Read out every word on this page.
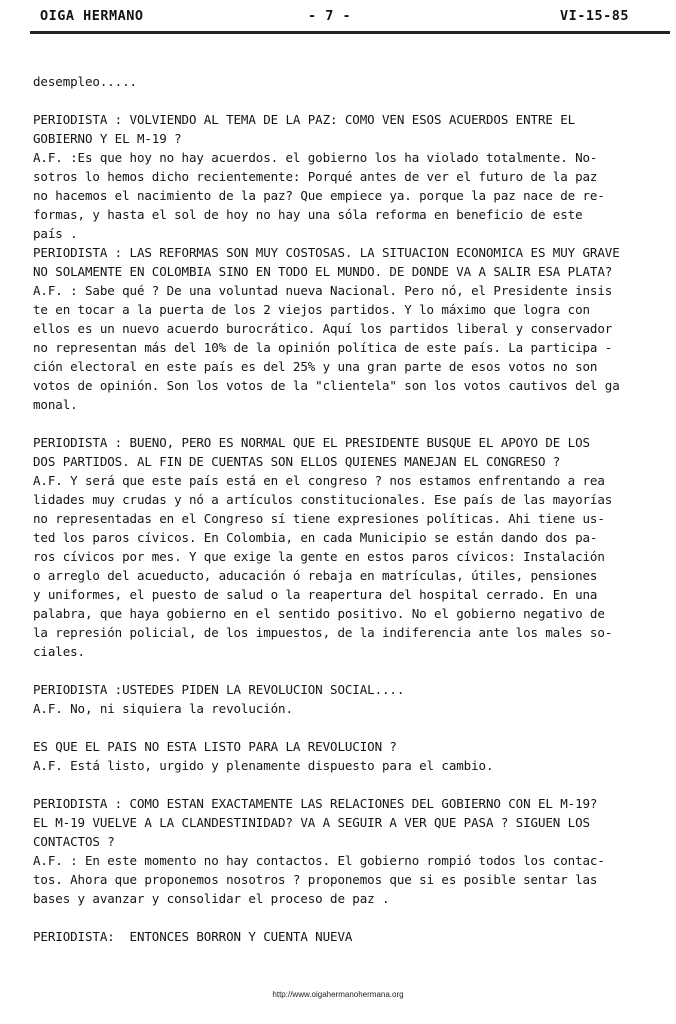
OIGA HERMANO	- 7 -	VI-15-85
desempleo.....
PERIODISTA : VOLVIENDO AL TEMA DE LA PAZ: COMO VEN ESOS ACUERDOS ENTRE EL
GOBIERNO Y EL M-19 ?
A.F. :Es que hoy no hay acuerdos. el gobierno los ha violado totalmente. No-
sotros lo hemos dicho recientemente: Porqué antes de ver el futuro de la paz
no hacemos el nacimiento de la paz? Que empiece ya. porque la paz nace de re-
formas, y hasta el sol de hoy no hay una sóla reforma en beneficio de este
país .
PERIODISTA : LAS REFORMAS SON MUY COSTOSAS. LA SITUACION ECONOMICA ES MUY GRAVE
NO SOLAMENTE EN COLOMBIA SINO EN TODO EL MUNDO. DE DONDE VA A SALIR ESA PLATA?
A.F. : Sabe qué ? De una voluntad nueva Nacional. Pero nó, el Presidente insis
te en tocar a la puerta de los 2 viejos partidos. Y lo máximo que logra con
ellos es un nuevo acuerdo burocrático. Aquí los partidos liberal y conservador
no representan más del 10% de la opinión política de este país. La participa -
ción electoral en este país es del 25% y una gran parte de esos votos no son
votos de opinión. Son los votos de la "clientela" son los votos cautivos del ga
monal.
PERIODISTA : BUENO, PERO ES NORMAL QUE EL PRESIDENTE BUSQUE EL APOYO DE LOS
DOS PARTIDOS. AL FIN DE CUENTAS SON ELLOS QUIENES MANEJAN EL CONGRESO ?
A.F. Y será que este país está en el congreso ? nos estamos enfrentando a rea
lidades muy crudas y nó a artículos constitucionales. Ese país de las mayorías
no representadas en el Congreso sí tiene expresiones políticas. Ahi tiene us-
ted los paros cívicos. En Colombia, en cada Municipio se están dando dos pa-
ros cívicos por mes. Y que exige la gente en estos paros cívicos: Instalación
o arreglo del acueducto, aducación ó rebaja en matrículas, útiles, pensiones
y uniformes, el puesto de salud o la reapertura del hospital cerrado. En una
palabra, que haya gobierno en el sentido positivo. No el gobierno negativo de
la represión policial, de los impuestos, de la indiferencia ante los males so-
ciales.
PERIODISTA :USTEDES PIDEN LA REVOLUCION SOCIAL....
A.F. No, ni siquiera la revolución.
ES QUE EL PAIS NO ESTA LISTO PARA LA REVOLUCION ?
A.F. Está listo, urgido y plenamente dispuesto para el cambio.
PERIODISTA : COMO ESTAN EXACTAMENTE LAS RELACIONES DEL GOBIERNO CON EL M-19?
EL M-19 VUELVE A LA CLANDESTINIDAD? VA A SEGUIR A VER QUE PASA ? SIGUEN LOS
CONTACTOS ?
A.F. : En este momento no hay contactos. El gobierno rompió todos los contac-
tos. Ahora que proponemos nosotros ? proponemos que si es posible sentar las
bases y avanzar y consolidar el proceso de paz .
PERIODISTA:  ENTONCES BORRON Y CUENTA NUEVA
http://www.oigahermanohermana.org
